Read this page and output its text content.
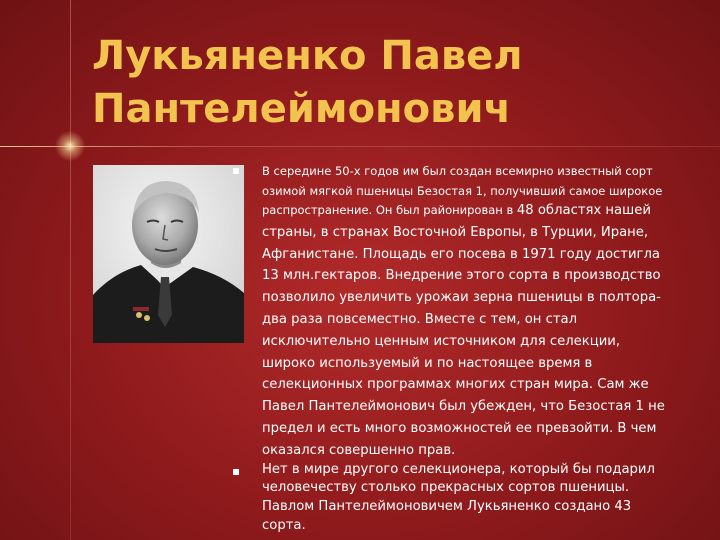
Лукьяненко Павел
Пантелеймонович
В середине 50-х годов им был создан всемирно известный сорт озимой мягкой пшеницы Безостая 1, получивший самое широкое распространение. Он был районирован в 48 областях нашей страны, в странах Восточной Европы, в Турции, Иране, Афганистане. Площадь его посева в 1971 году достигла 13 млн.гектаров. Внедрение этого сорта в производство позволило увеличить урожаи зерна пшеницы в полтора-два раза повсеместно. Вместе с тем, он стал исключительно ценным источником для селекции, широко используемый и по настоящее время в селекционных программах многих стран мира. Сам же Павел Пантелеймонович был убежден, что Безостая 1 не предел и есть много возможностей ее превзойти. В чем оказался совершенно прав.
Нет в мире другого селекционера, который бы подарил человечеству столько прекрасных сортов пшеницы. Павлом Пантелеймоновичем Лукьяненко создано 43 сорта.
